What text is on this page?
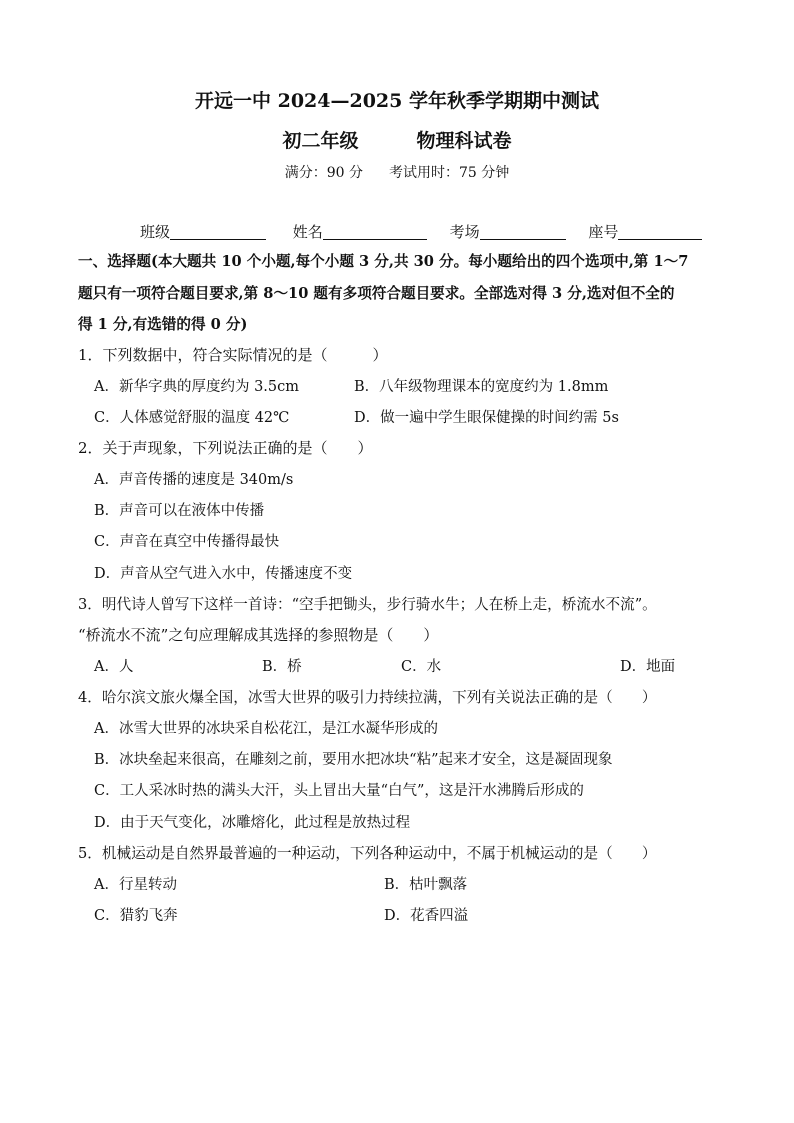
开远一中 2024—2025 学年秋季学期期中测试
初二年级	物理科试卷
满分：90 分 考试用时：75 分钟
班级	姓名	考场	座号
一、选择题(本大题共 10 个小题,每个小题 3 分,共 30 分。每小题给出的四个选项中,第 1～7
题只有一项符合题目要求,第 8～10 题有多项符合题目要求。全部选对得 3 分,选对但不全的
得 1 分,有选错的得 0 分)
1．下列数据中，符合实际情况的是（　　　）
A．新华字典的厚度约为 3.5cm	B．八年级物理课本的宽度约为 1.8mm
C．人体感觉舒服的温度 42℃	D．做一遍中学生眼保健操的时间约需 5s
2．关于声现象，下列说法正确的是（　　）
A．声音传播的速度是 340m/s
B．声音可以在液体中传播
C．声音在真空中传播得最快
D．声音从空气进入水中，传播速度不变
3．明代诗人曾写下这样一首诗：“空手把锄头，步行骑水牛；人在桥上走，桥流水不流”。
“桥流水不流”之句应理解成其选择的参照物是（　　）
A．人	B．桥	C．水	D．地面
4．哈尔滨文旅火爆全国，冰雪大世界的吸引力持续拉满，下列有关说法正确的是（　　）
A．冰雪大世界的冰块采自松花江，是江水凝华形成的
B．冰块垒起来很高，在雕刻之前，要用水把冰块“粘”起来才安全，这是凝固现象
C．工人采冰时热的满头大汗，头上冒出大量“白气”，这是汗水沸腾后形成的
D．由于天气变化，冰雕熔化，此过程是放热过程
5．机械运动是自然界最普遍的一种运动，下列各种运动中，不属于机械运动的是（　　）
A．行星转动	B．枯叶飘落
C．猎豹飞奔	D．花香四溢
